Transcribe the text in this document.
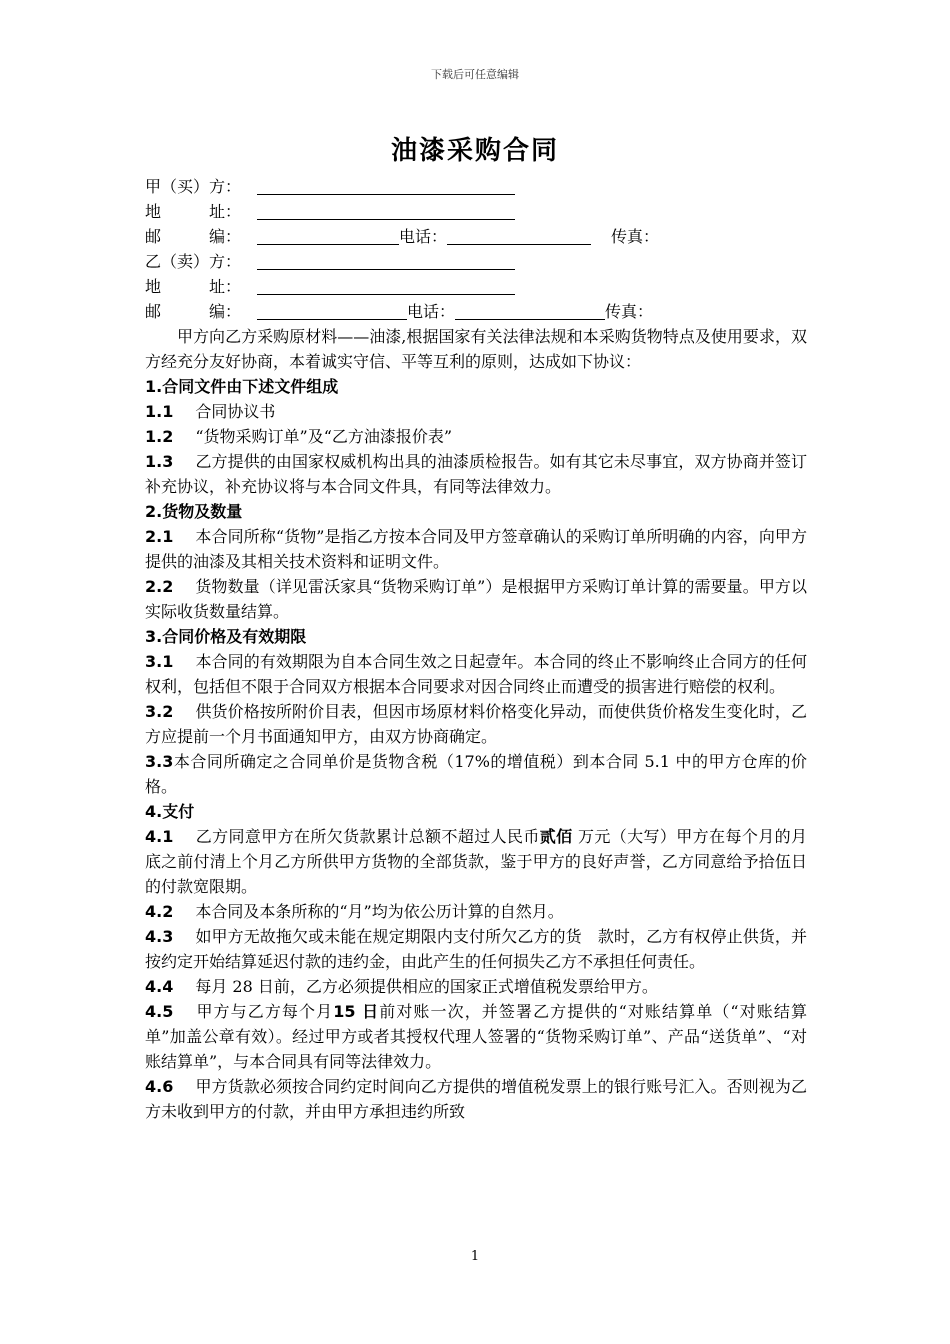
下载后可任意编辑
油漆采购合同
甲（买）方：
地　　　址：
邮　　　编：	电话：	传真：
乙（卖）方：
地　　　址：
邮　　　编：	电话：	传真：
甲方向乙方采购原材料——油漆,根据国家有关法律法规和本采购货物特点及使用要求，双方经充分友好协商，本着诚实守信、平等互利的原则，达成如下协议：
1.合同文件由下述文件组成
1.1 合同协议书
1.2 “货物采购订单”及“乙方油漆报价表”
1.3 乙方提供的由国家权威机构出具的油漆质检报告。如有其它未尽事宜，双方协商并签订补充协议，补充协议将与本合同文件具，有同等法律效力。
2.货物及数量
2.1 本合同所称“货物”是指乙方按本合同及甲方签章确认的采购订单所明确的内容，向甲方提供的油漆及其相关技术资料和证明文件。
2.2 货物数量（详见雷沃家具“货物采购订单”）是根据甲方采购订单计算的需要量。甲方以实际收货数量结算。
3.合同价格及有效期限
3.1 本合同的有效期限为自本合同生效之日起壹年。本合同的终止不影响终止合同方的任何权利，包括但不限于合同双方根据本合同要求对因合同终止而遭受的损害进行赔偿的权利。
3.2 供货价格按所附价目表，但因市场原材料价格变化异动，而使供货价格发生变化时，乙方应提前一个月书面通知甲方，由双方协商确定。
3.3本合同所确定之合同单价是货物含税（17%的增值税）到本合同 5.1 中的甲方仓库的价格。
4.支付
4.1 乙方同意甲方在所欠货款累计总额不超过人民币贰佰 万元（大写）甲方在每个月的月底之前付清上个月乙方所供甲方货物的全部货款，鉴于甲方的良好声誉，乙方同意给予拾伍日的付款宽限期。
4.2 本合同及本条所称的“月”均为依公历计算的自然月。
4.3 如甲方无故拖欠或未能在规定期限内支付所欠乙方的货　款时，乙方有权停止供货，并按约定开始结算延迟付款的违约金，由此产生的任何损失乙方不承担任何责任。
4.4 每月 28 日前，乙方必须提供相应的国家正式增值税发票给甲方。
4.5 甲方与乙方每个月15 日前对账一次，并签署乙方提供的“对账结算单（“对账结算单”加盖公章有效）。经过甲方或者其授权代理人签署的“货物采购订单”、产品“送货单”、“对账结算单”，与本合同具有同等法律效力。
4.6 甲方货款必须按合同约定时间向乙方提供的增值税发票上的银行账号汇入。否则视为乙方未收到甲方的付款，并由甲方承担违约所致
1
